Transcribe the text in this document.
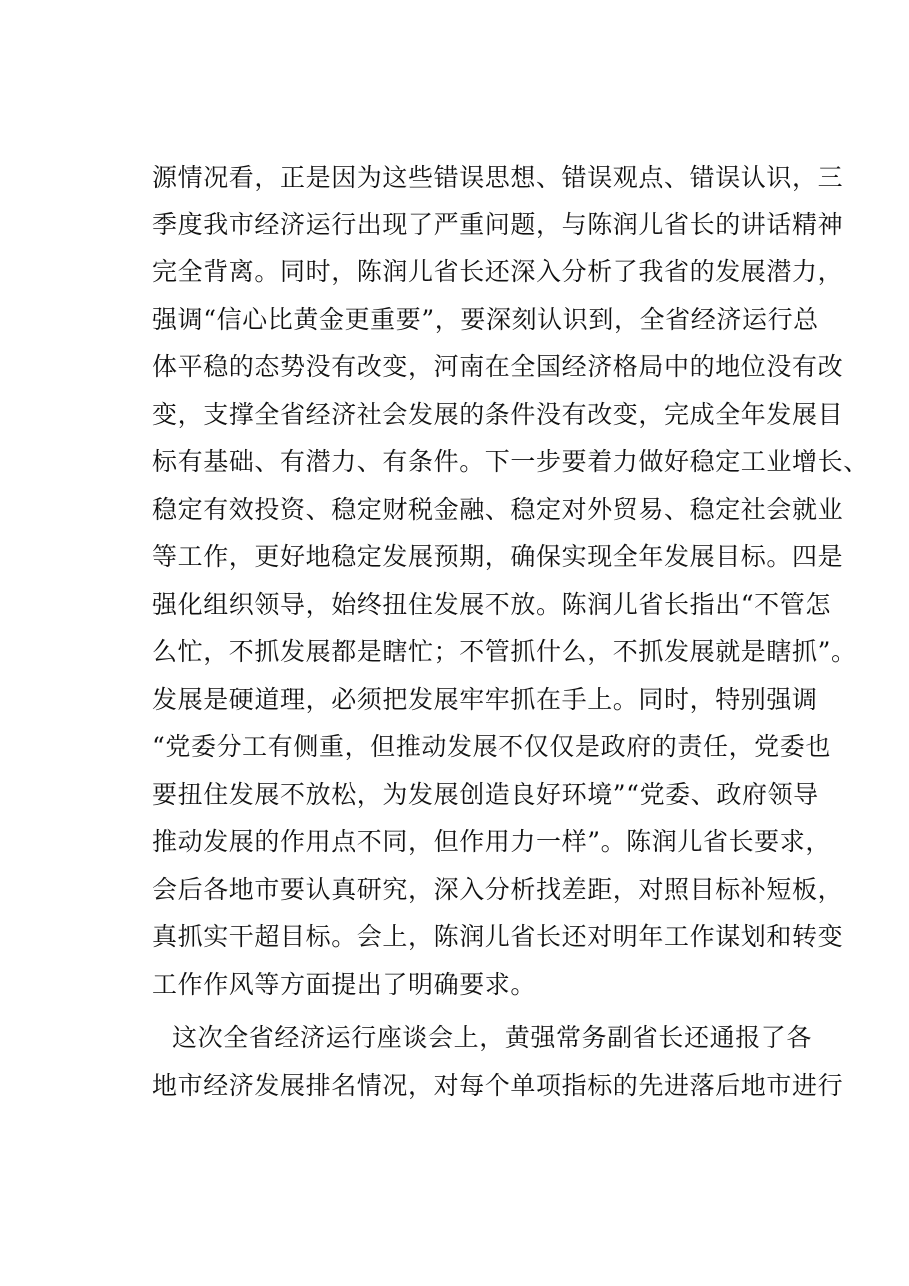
源情况看，正是因为这些错误思想、错误观点、错误认识，三
季度我市经济运行出现了严重问题，与陈润儿省长的讲话精神
完全背离。同时，陈润儿省长还深入分析了我省的发展潜力，
强调“信心比黄金更重要”，要深刻认识到，全省经济运行总
体平稳的态势没有改变，河南在全国经济格局中的地位没有改
变，支撑全省经济社会发展的条件没有改变，完成全年发展目
标有基础、有潜力、有条件。下一步要着力做好稳定工业增长、
稳定有效投资、稳定财税金融、稳定对外贸易、稳定社会就业
等工作，更好地稳定发展预期，确保实现全年发展目标。四是
强化组织领导，始终扭住发展不放。陈润儿省长指出“不管怎
么忙，不抓发展都是瞎忙；不管抓什么，不抓发展就是瞎抓”。
发展是硬道理，必须把发展牢牢抓在手上。同时，特别强调
“党委分工有侧重，但推动发展不仅仅是政府的责任，党委也
要扭住发展不放松，为发展创造良好环境”“党委、政府领导
推动发展的作用点不同，但作用力一样”。陈润儿省长要求，
会后各地市要认真研究，深入分析找差距，对照目标补短板，
真抓实干超目标。会上，陈润儿省长还对明年工作谋划和转变
工作作风等方面提出了明确要求。
这次全省经济运行座谈会上，黄强常务副省长还通报了各
地市经济发展排名情况，对每个单项指标的先进落后地市进行
